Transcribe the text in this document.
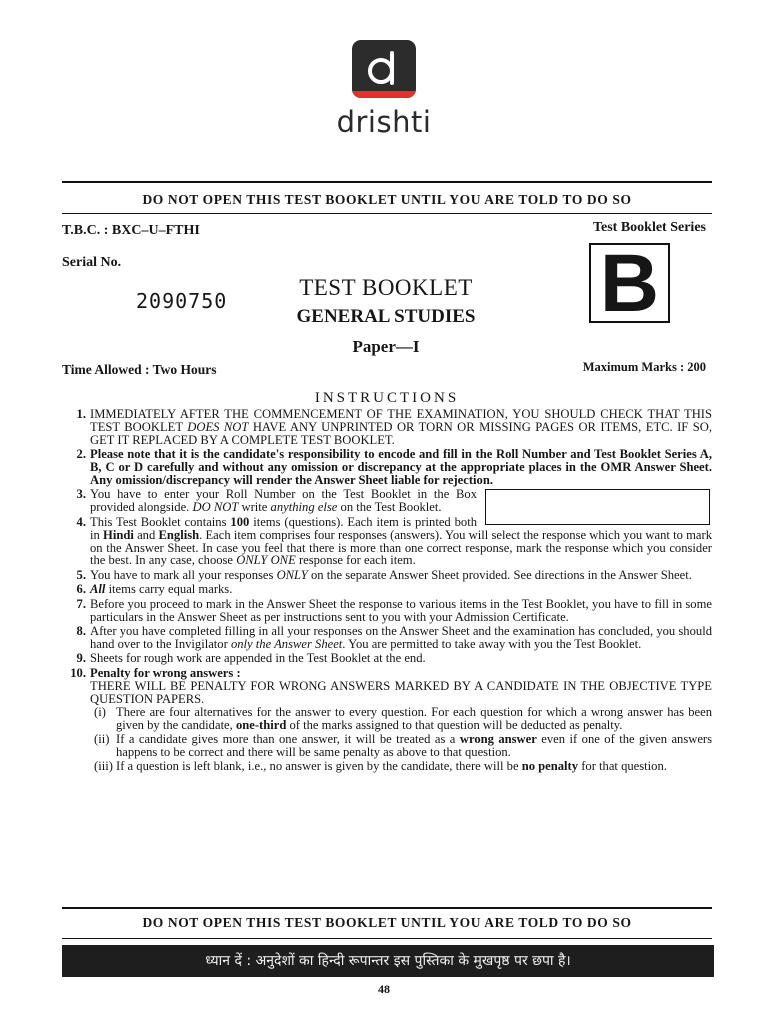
drishti
DO NOT OPEN THIS TEST BOOKLET UNTIL YOU ARE TOLD TO DO SO
T.B.C. : BXC–U–FTHI	Test Booklet Series
Serial No.
2090750
TEST BOOKLET
GENERAL STUDIES
Paper—I
B
Time Allowed : Two Hours	Maximum Marks : 200
INSTRUCTIONS
1. IMMEDIATELY AFTER THE COMMENCEMENT OF THE EXAMINATION, YOU SHOULD CHECK THAT THIS TEST BOOKLET DOES NOT HAVE ANY UNPRINTED OR TORN OR MISSING PAGES OR ITEMS, ETC. IF SO, GET IT REPLACED BY A COMPLETE TEST BOOKLET.
2. Please note that it is the candidate's responsibility to encode and fill in the Roll Number and Test Booklet Series A, B, C or D carefully and without any omission or discrepancy at the appropriate places in the OMR Answer Sheet. Any omission/discrepancy will render the Answer Sheet liable for rejection.
3. You have to enter your Roll Number on the Test Booklet in the Box provided alongside. DO NOT write anything else on the Test Booklet.
4. This Test Booklet contains 100 items (questions). Each item is printed both in Hindi and English. Each item comprises four responses (answers). You will select the response which you want to mark on the Answer Sheet. In case you feel that there is more than one correct response, mark the response which you consider the best. In any case, choose ONLY ONE response for each item.
5. You have to mark all your responses ONLY on the separate Answer Sheet provided. See directions in the Answer Sheet.
6. All items carry equal marks.
7. Before you proceed to mark in the Answer Sheet the response to various items in the Test Booklet, you have to fill in some particulars in the Answer Sheet as per instructions sent to you with your Admission Certificate.
8. After you have completed filling in all your responses on the Answer Sheet and the examination has concluded, you should hand over to the Invigilator only the Answer Sheet. You are permitted to take away with you the Test Booklet.
9. Sheets for rough work are appended in the Test Booklet at the end.
10. Penalty for wrong answers :
THERE WILL BE PENALTY FOR WRONG ANSWERS MARKED BY A CANDIDATE IN THE OBJECTIVE TYPE QUESTION PAPERS.
(i) There are four alternatives for the answer to every question. For each question for which a wrong answer has been given by the candidate, one-third of the marks assigned to that question will be deducted as penalty.
(ii) If a candidate gives more than one answer, it will be treated as a wrong answer even if one of the given answers happens to be correct and there will be same penalty as above to that question.
(iii) If a question is left blank, i.e., no answer is given by the candidate, there will be no penalty for that question.
DO NOT OPEN THIS TEST BOOKLET UNTIL YOU ARE TOLD TO DO SO
ध्यान दें : अनुदेशों का हिन्दी रूपान्तर इस पुस्तिका के मुखपृष्ठ पर छपा है।
48
